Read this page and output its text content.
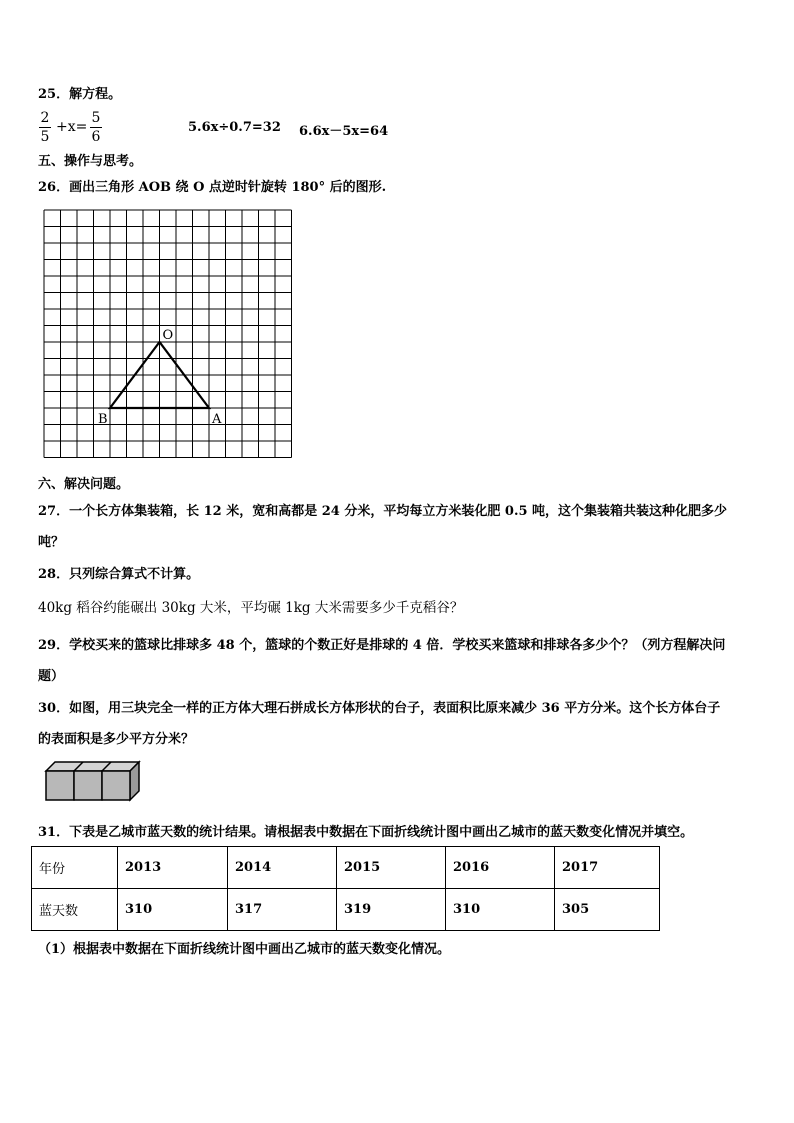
25．解方程。
$\frac{2}{5} +x= \frac{5}{6}$	5.6x÷0.7=32 6.6x－5x=64
五、操作与思考。
26．画出三角形 AOB 绕 O 点逆时针旋转 180° 后的图形.
O
B	A
六、解决问题。
27．一个长方体集装箱，长 12 米，宽和高都是 24 分米，平均每立方米装化肥 0.5 吨，这个集装箱共装这种化肥多少
吨？
28．只列综合算式不计算。
40kg 稻谷约能碾出 30kg 大米，平均碾 1kg 大米需要多少千克稻谷？
29．学校买来的篮球比排球多 48 个，篮球的个数正好是排球的 4 倍．学校买来篮球和排球各多少个？（列方程解决问
题）
30．如图，用三块完全一样的正方体大理石拼成长方体形状的台子，表面积比原来减少 36 平方分米。这个长方体台子
的表面积是多少平方分米？
31．下表是乙城市蓝天数的统计结果。请根据表中数据在下面折线统计图中画出乙城市的蓝天数变化情况并填空。
年份	2013	2014	2015	2016	2017
蓝天数	310	317	319	310	305
（1）根据表中数据在下面折线统计图中画出乙城市的蓝天数变化情况。
